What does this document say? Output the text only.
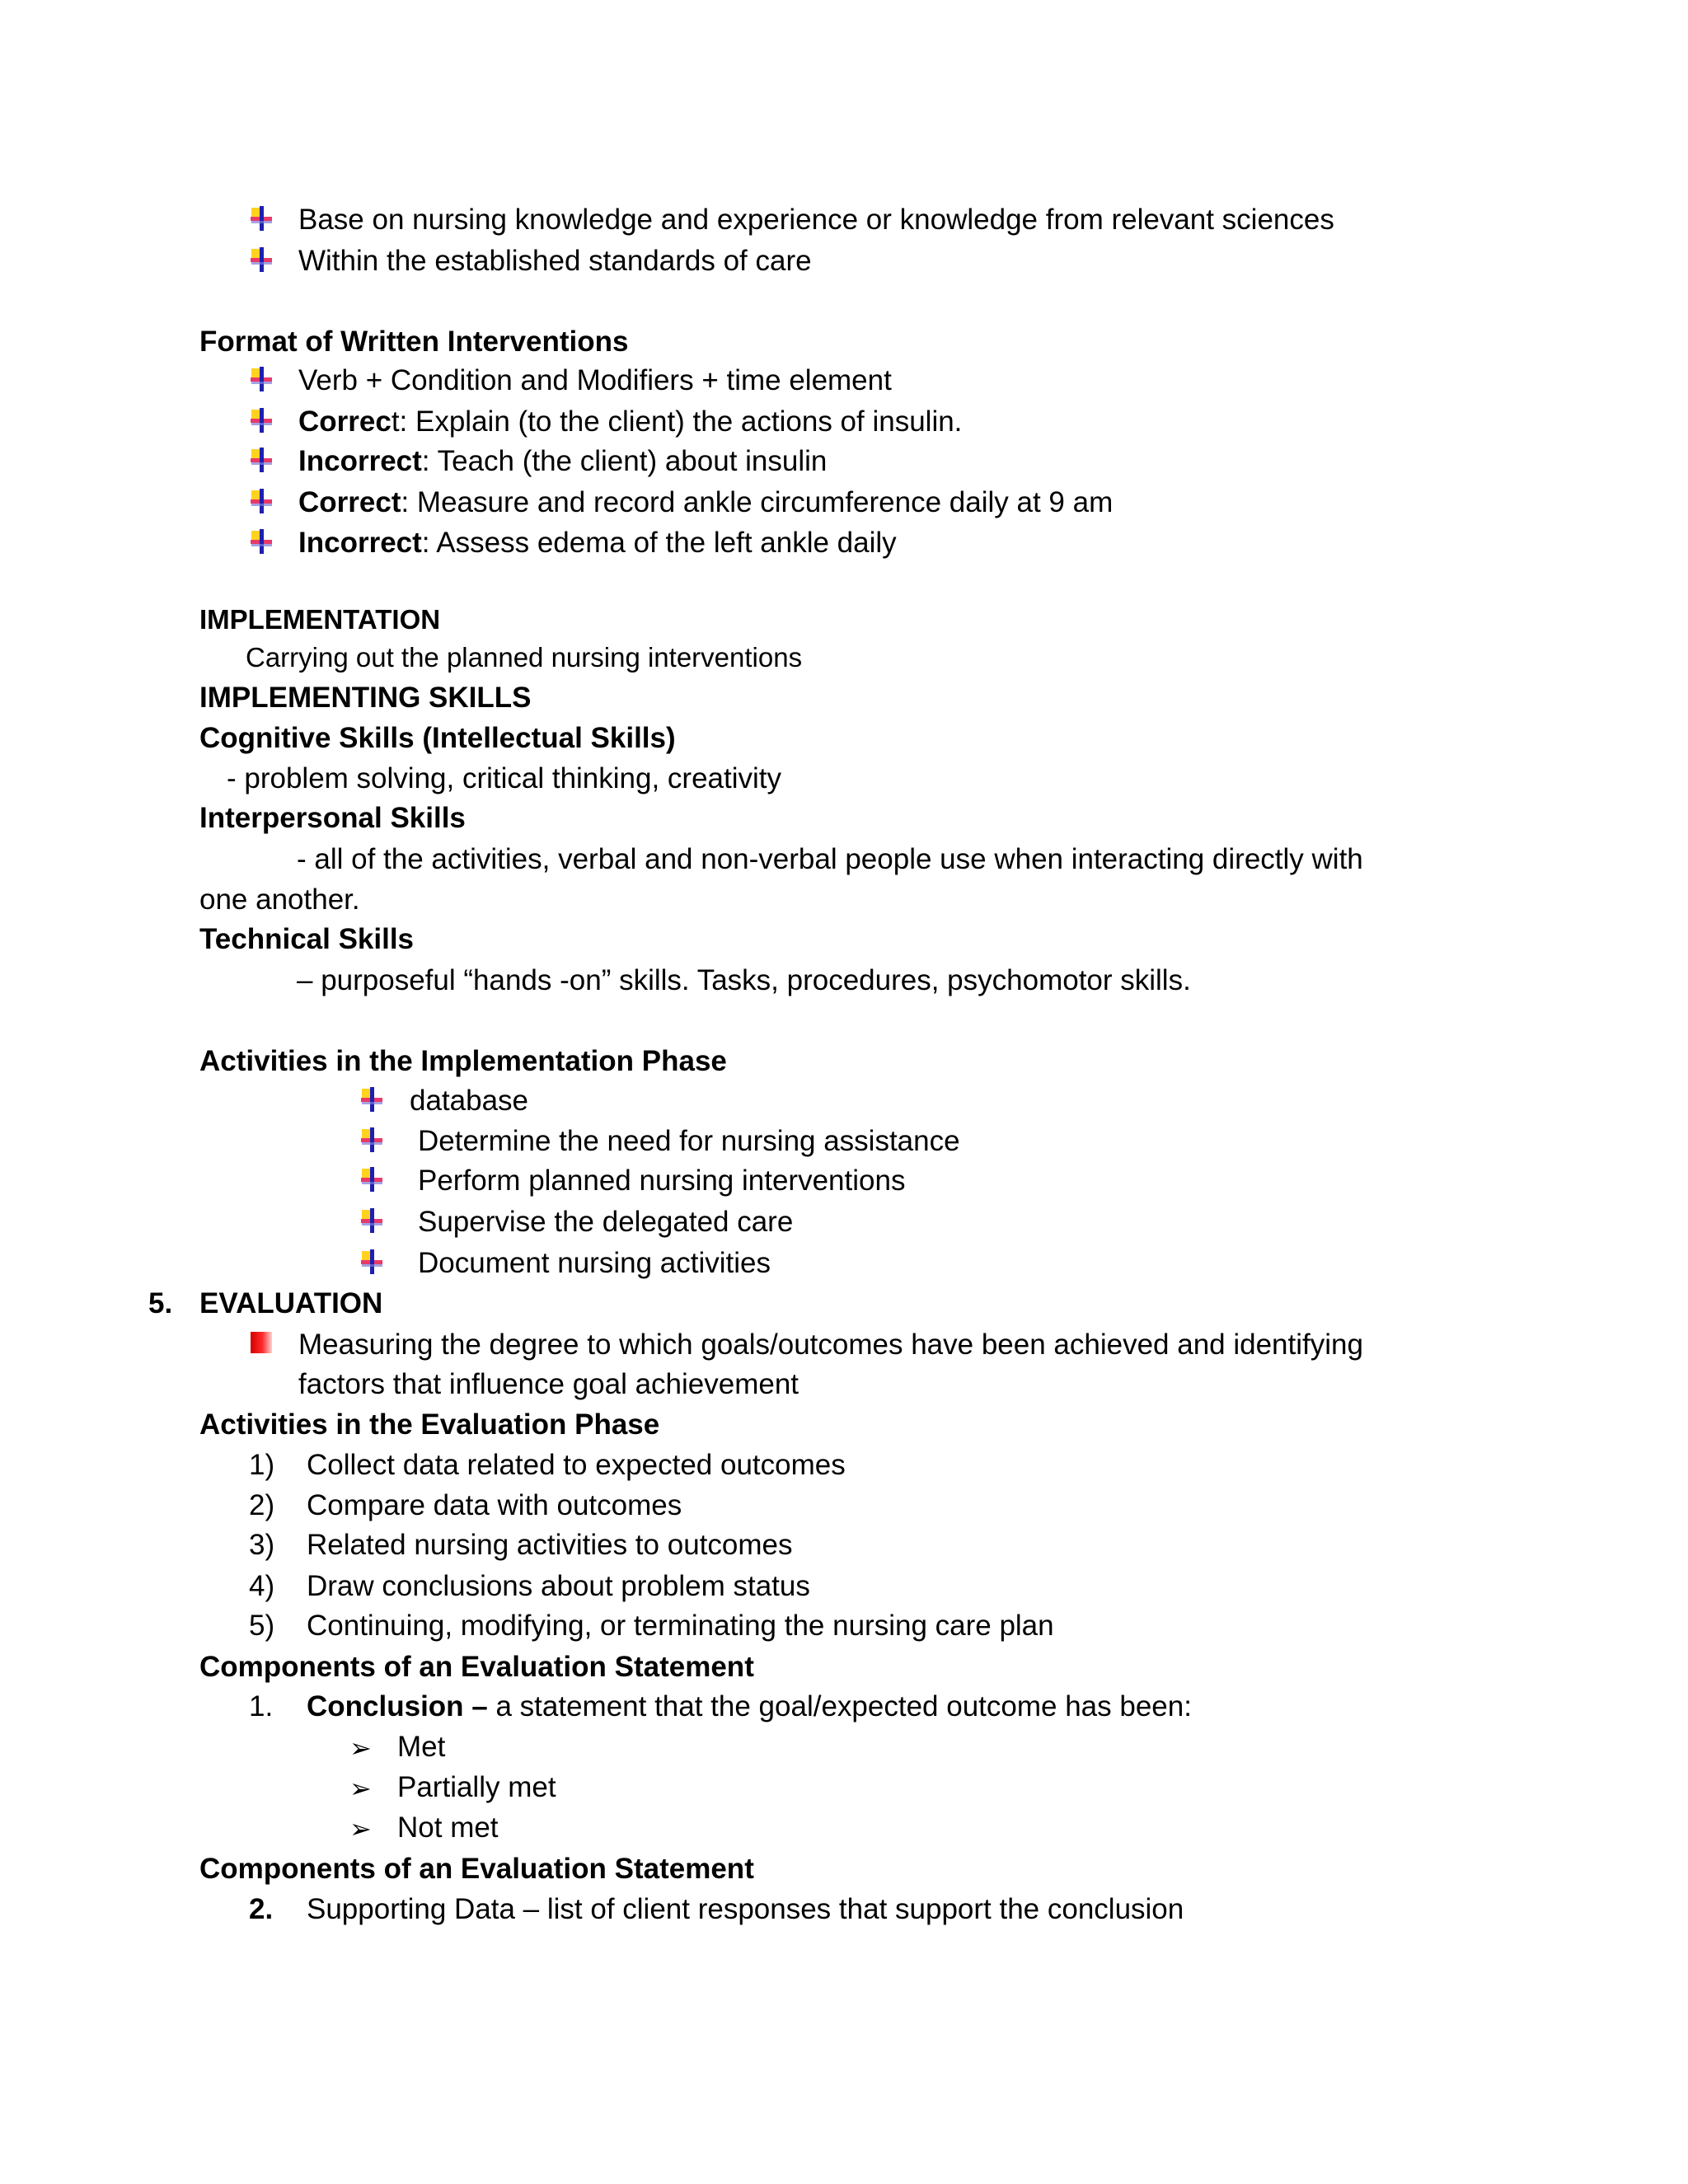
Base on nursing knowledge and experience or knowledge from relevant sciences
Within the established standards of care
Format of Written Interventions
Verb + Condition and Modifiers + time element
Correct: Explain (to the client) the actions of insulin.
Incorrect: Teach (the client) about insulin
Correct: Measure and record ankle circumference daily at 9 am
Incorrect: Assess edema of the left ankle daily
IMPLEMENTATION
Carrying out the planned nursing interventions
IMPLEMENTING SKILLS
Cognitive Skills (Intellectual Skills)
- problem solving, critical thinking, creativity
Interpersonal Skills
- all of the activities, verbal and non-verbal people use when interacting directly with
one another.
Technical Skills
– purposeful “hands -on” skills. Tasks, procedures, psychomotor skills.
Activities in the Implementation Phase
database
Determine the need for nursing assistance
Perform planned nursing interventions
Supervise the delegated care
Document nursing activities
5. EVALUATION
Measuring the degree to which goals/outcomes have been achieved and identifying
factors that influence goal achievement
Activities in the Evaluation Phase
1) Collect data related to expected outcomes
2) Compare data with outcomes
3) Related nursing activities to outcomes
4) Draw conclusions about problem status
5) Continuing, modifying, or terminating the nursing care plan
Components of an Evaluation Statement
1. Conclusion – a statement that the goal/expected outcome has been:
➢ Met
➢ Partially met
➢ Not met
Components of an Evaluation Statement
2. Supporting Data – list of client responses that support the conclusion
